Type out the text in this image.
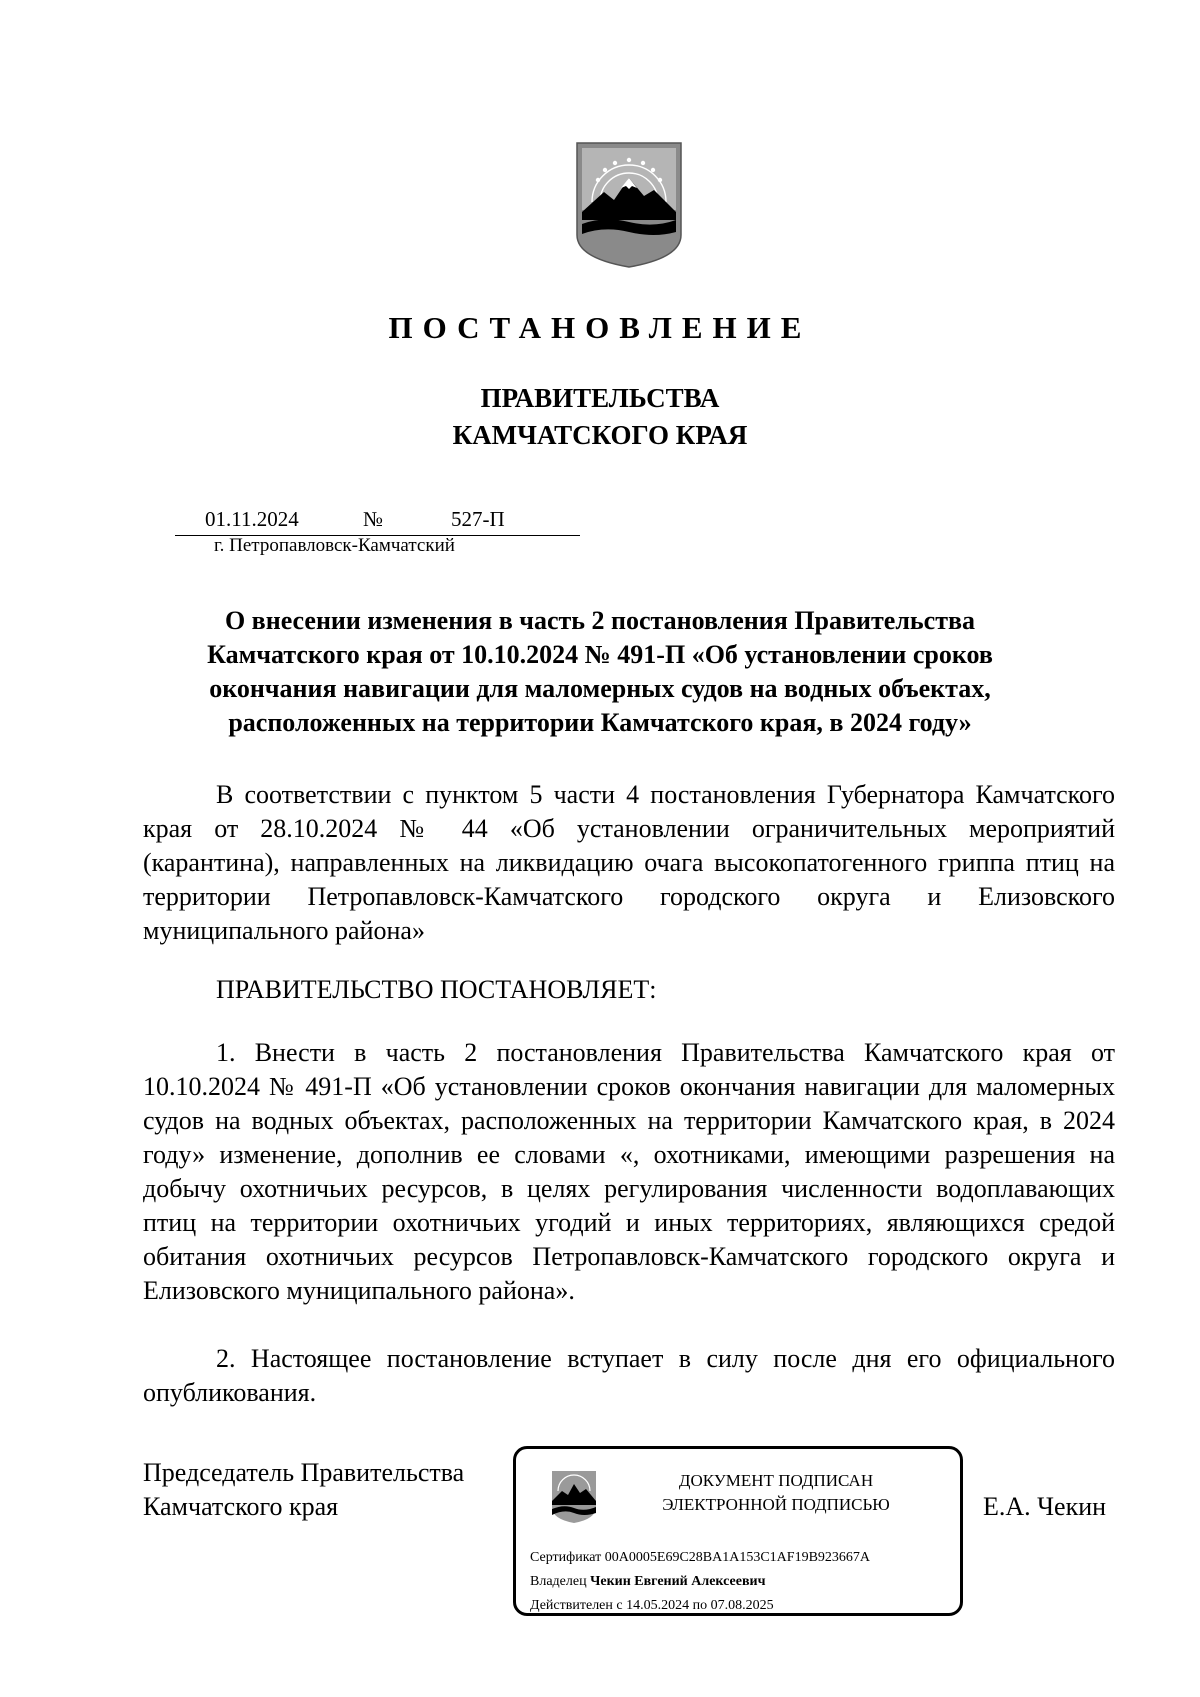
ПОСТАНОВЛЕНИЕ
ПРАВИТЕЛЬСТВА
КАМЧАТСКОГО КРАЯ
01.11.2024	№	527-П
г. Петропавловск-Камчатский
О внесении изменения в часть 2 постановления Правительства
Камчатского края от 10.10.2024 № 491-П «Об установлении сроков
окончания навигации для маломерных судов на водных объектах,
расположенных на территории Камчатского края, в 2024 году»

В соответствии с пунктом 5 части 4 постановления Губернатора Камчатского края от 28.10.2024 № 44 «Об установлении ограничительных мероприятий (карантина), направленных на ликвидацию очага высокопатогенного гриппа птиц на территории Петропавловск-Камчатского городского округа и Елизовского муниципального района»

ПРАВИТЕЛЬСТВО ПОСТАНОВЛЯЕТ:

1. Внести в часть 2 постановления Правительства Камчатского края от 10.10.2024 № 491-П «Об установлении сроков окончания навигации для маломерных судов на водных объектах, расположенных на территории Камчатского края, в 2024 году» изменение, дополнив ее словами «, охотниками, имеющими разрешения на добычу охотничьих ресурсов, в целях регулирования численности водоплавающих птиц на территории охотничьих угодий и иных территориях, являющихся средой обитания охотничьих ресурсов Петропавловск-Камчатского городского округа и Елизовского муниципального района».

2. Настоящее постановление вступает в силу после дня его официального опубликования.

Председатель Правительства
Камчатского края	Е.А. Чекин
ДОКУМЕНТ ПОДПИСАН
ЭЛЕКТРОННОЙ ПОДПИСЬЮ
Сертификат 00A0005E69C28BA1A153C1AF19B923667A
Владелец Чекин Евгений Алексеевич
Действителен с 14.05.2024 по 07.08.2025
